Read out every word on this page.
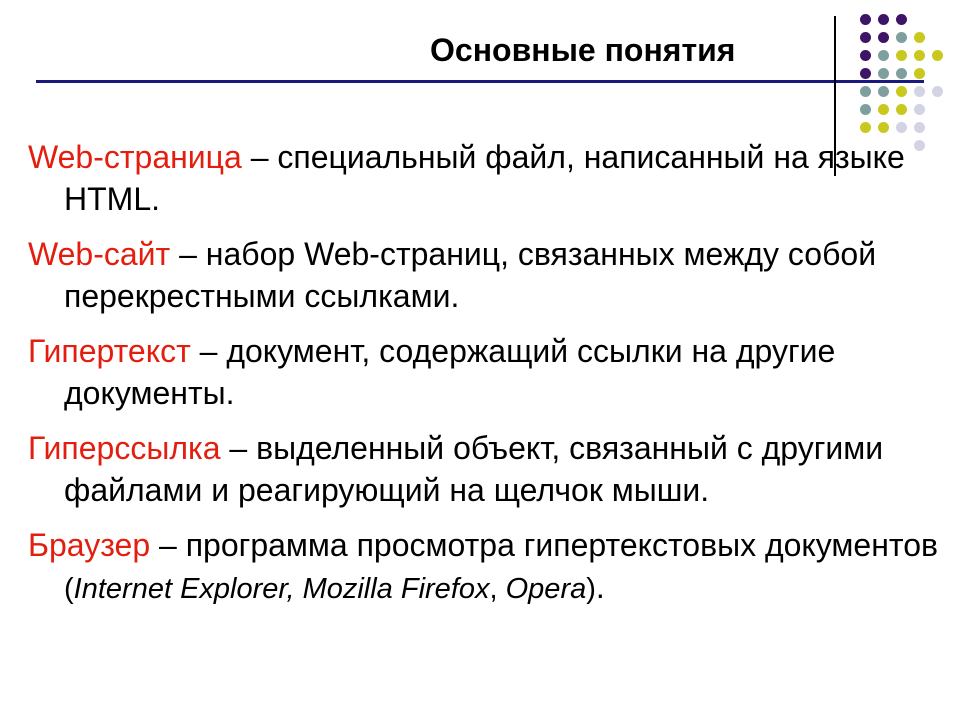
Основные понятия
Web-страница – специальный файл, написанный на языке HTML.
Web-сайт – набор Web-страниц, связанных между собой перекрестными ссылками.
Гипертекст – документ, содержащий ссылки на другие документы.
Гиперссылка – выделенный объект, связанный с другими файлами и реагирующий на щелчок мыши.
Браузер – программа просмотра гипертекстовых документов (Internet Explorer, Mozilla Firefox, Opera).
